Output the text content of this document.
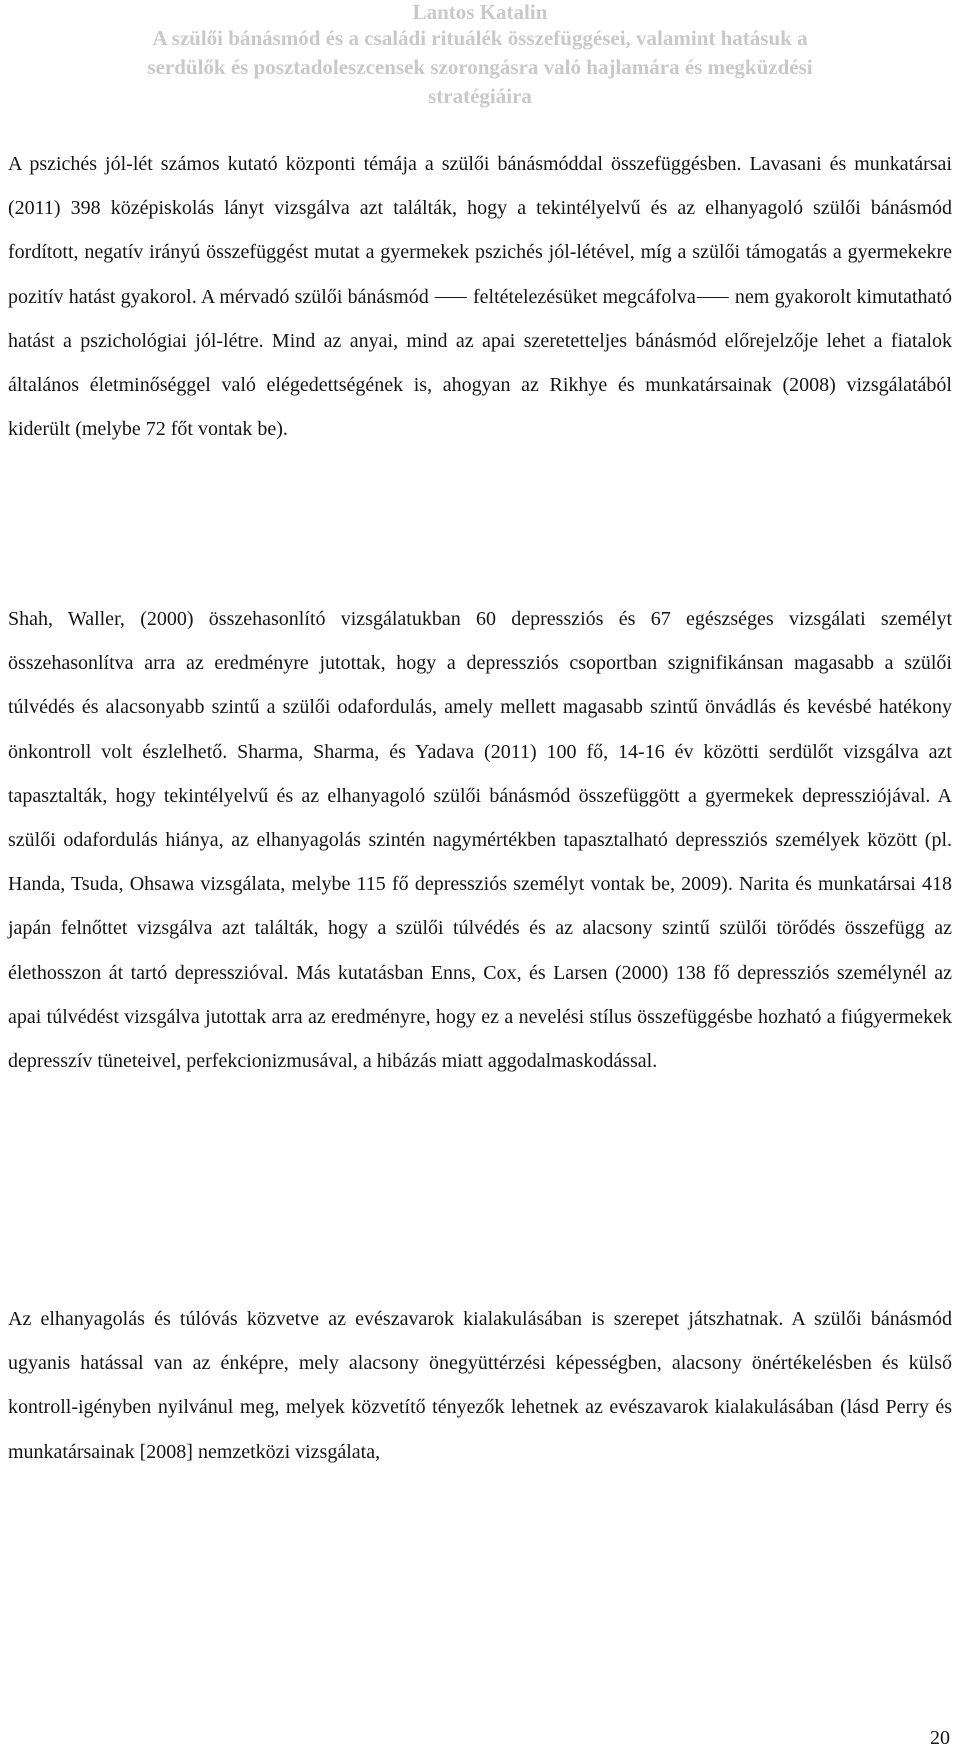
Lantos Katalin
A szülői bánásmód és a családi rituálék összefüggései, valamint hatásuk a
serdülők és posztadoleszcensek szorongásra való hajlamára és megküzdési
stratégiáira

A pszichés jól-lét számos kutató központi témája a szülői bánásmóddal összefüggésben. Lavasani és munkatársai (2011) 398 középiskolás lányt vizsgálva azt találták, hogy a tekintélyelvű és az elhanyagoló szülői bánásmód fordított, negatív irányú összefüggést mutat a gyermekek pszichés jól-létével, míg a szülői támogatás a gyermekekre pozitív hatást gyakorol. A mérvadó szülői bánásmód ⸺ feltételezésüket megcáfolva⸺ nem gyakorolt kimutatható hatást a pszichológiai jól-létre. Mind az anyai, mind az apai szeretetteljes bánásmód előrejelzője lehet a fiatalok általános életminőséggel való elégedettségének is, ahogyan az Rikhye és munkatársainak (2008) vizsgálatából kiderült (melybe 72 főt vontak be).

Shah, Waller, (2000) összehasonlító vizsgálatukban 60 depressziós és 67 egészséges vizsgálati személyt összehasonlítva arra az eredményre jutottak, hogy a depressziós csoportban szignifikánsan magasabb a szülői túlvédés és alacsonyabb szintű a szülői odafordulás, amely mellett magasabb szintű önvádlás és kevésbé hatékony önkontroll volt észlelhető. Sharma, Sharma, és Yadava (2011) 100 fő, 14-16 év közötti serdülőt vizsgálva azt tapasztalták, hogy tekintélyelvű és az elhanyagoló szülői bánásmód összefüggött a gyermekek depressziójával. A szülői odafordulás hiánya, az elhanyagolás szintén nagymértékben tapasztalható depressziós személyek között (pl. Handa, Tsuda, Ohsawa vizsgálata, melybe 115 fő depressziós személyt vontak be, 2009). Narita és munkatársai 418 japán felnőttet vizsgálva azt találták, hogy a szülői túlvédés és az alacsony szintű szülői törődés összefügg az élethosszon át tartó depresszióval. Más kutatásban Enns, Cox, és Larsen (2000) 138 fő depressziós személynél az apai túlvédést vizsgálva jutottak arra az eredményre, hogy ez a nevelési stílus összefüggésbe hozható a fiúgyermekek depresszív tüneteivel, perfekcionizmusával, a hibázás miatt aggodalmaskodással.

Az elhanyagolás és túlóvás közvetve az evészavarok kialakulásában is szerepet játszhatnak. A szülői bánásmód ugyanis hatással van az énképre, mely alacsony önegyüttérzési képességben, alacsony önértékelésben és külső kontroll-igényben nyilvánul meg, melyek közvetítő tényezők lehetnek az evészavarok kialakulásában (lásd Perry és munkatársainak [2008] nemzetközi vizsgálata,

20
